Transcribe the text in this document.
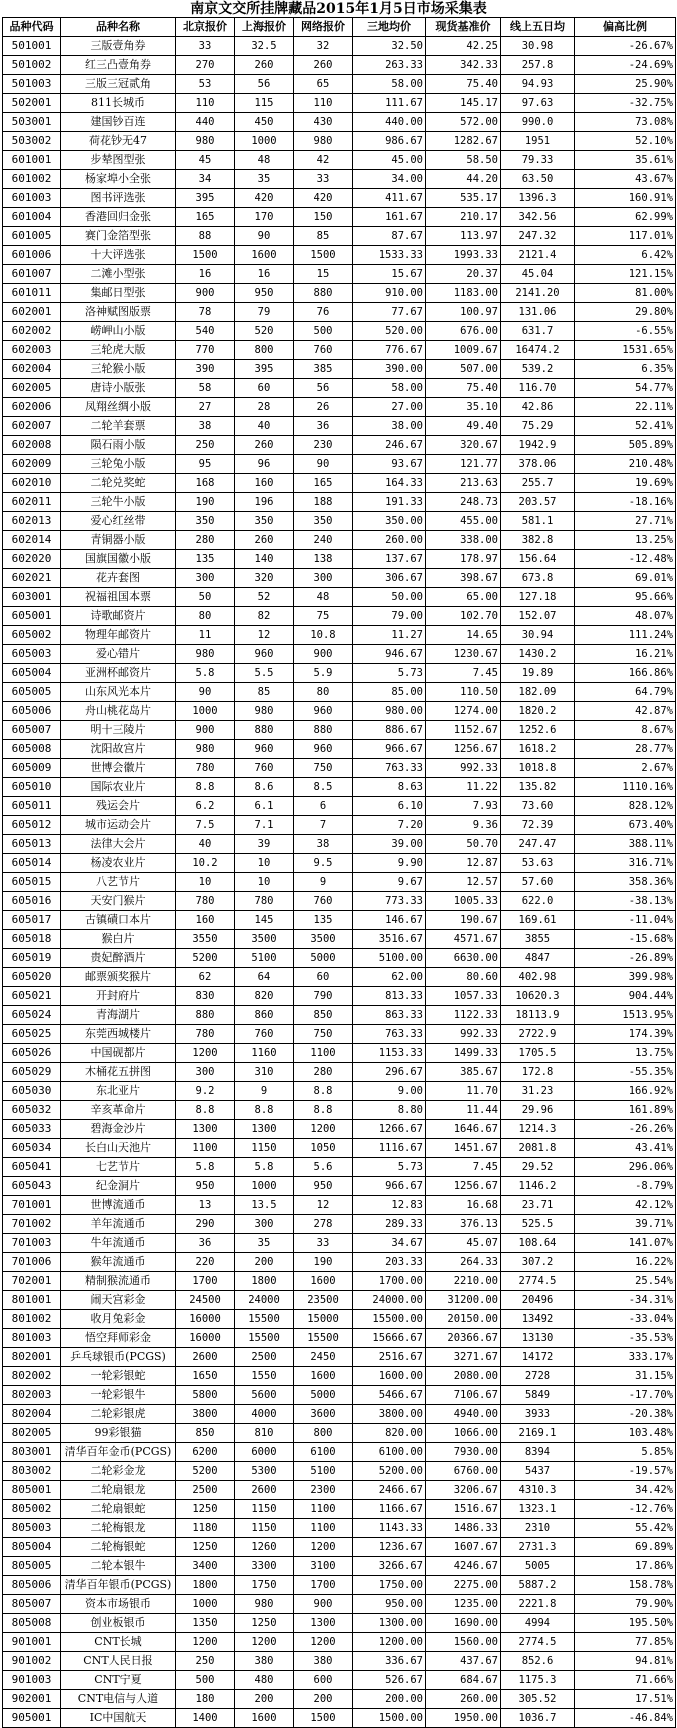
南京文交所挂牌藏品2015年1月5日市场采集表
品种代码	品种名称	北京报价	上海报价	网络报价	三地均价	现货基准价	线上五日均	偏高比例
501001	三版壹角券	33	32.5	32	32.50	42.25	30.98	-26.67%
501002	红三凸壹角券	270	260	260	263.33	342.33	257.8	-24.69%
501003	三版三冠贰角	53	56	65	58.00	75.40	94.93	25.90%
502001	811长城币	110	115	110	111.67	145.17	97.63	-32.75%
503001	建国钞百连	440	450	430	440.00	572.00	990.0	73.08%
503002	荷花钞无47	980	1000	980	986.67	1282.67	1951	52.10%
601001	步辇图型张	45	48	42	45.00	58.50	79.33	35.61%
601002	杨家埠小全张	34	35	33	34.00	44.20	63.50	43.67%
601003	图书评选张	395	420	420	411.67	535.17	1396.3	160.91%
601004	香港回归金张	165	170	150	161.67	210.17	342.56	62.99%
601005	赛门金箔型张	88	90	85	87.67	113.97	247.32	117.01%
601006	十大评选张	1500	1600	1500	1533.33	1993.33	2121.4	6.42%
601007	二滩小型张	16	16	15	15.67	20.37	45.04	121.15%
601011	集邮日型张	900	950	880	910.00	1183.00	2141.20	81.00%
602001	洛神赋图版票	78	79	76	77.67	100.97	131.06	29.80%
602002	崂岬山小版	540	520	500	520.00	676.00	631.7	-6.55%
602003	三轮虎大版	770	800	760	776.67	1009.67	16474.2	1531.65%
602004	三轮猴小版	390	395	385	390.00	507.00	539.2	6.35%
602005	唐诗小版张	58	60	56	58.00	75.40	116.70	54.77%
602006	凤翔丝绸小版	27	28	26	27.00	35.10	42.86	22.11%
602007	二轮羊套票	38	40	36	38.00	49.40	75.29	52.41%
602008	陨石雨小版	250	260	230	246.67	320.67	1942.9	505.89%
602009	三轮兔小版	95	96	90	93.67	121.77	378.06	210.48%
602010	二轮兑奖蛇	168	160	165	164.33	213.63	255.7	19.69%
602011	三轮牛小版	190	196	188	191.33	248.73	203.57	-18.16%
602013	爱心红丝带	350	350	350	350.00	455.00	581.1	27.71%
602014	青铜器小版	280	260	240	260.00	338.00	382.8	13.25%
602020	国旗国徽小版	135	140	138	137.67	178.97	156.64	-12.48%
602021	花卉套图	300	320	300	306.67	398.67	673.8	69.01%
603001	祝福祖国本票	50	52	48	50.00	65.00	127.18	95.66%
605001	诗歌邮资片	80	82	75	79.00	102.70	152.07	48.07%
605002	物理年邮资片	11	12	10.8	11.27	14.65	30.94	111.24%
605003	爱心错片	980	960	900	946.67	1230.67	1430.2	16.21%
605004	亚洲杯邮资片	5.8	5.5	5.9	5.73	7.45	19.89	166.86%
605005	山东风光本片	90	85	80	85.00	110.50	182.09	64.79%
605006	舟山桃花岛片	1000	980	960	980.00	1274.00	1820.2	42.87%
605007	明十三陵片	900	880	880	886.67	1152.67	1252.6	8.67%
605008	沈阳故宫片	980	960	960	966.67	1256.67	1618.2	28.77%
605009	世博会徽片	780	760	750	763.33	992.33	1018.8	2.67%
605010	国际农业片	8.8	8.6	8.5	8.63	11.22	135.82	1110.16%
605011	残运会片	6.2	6.1	6	6.10	7.93	73.60	828.12%
605012	城市运动会片	7.5	7.1	7	7.20	9.36	72.39	673.40%
605013	法律大会片	40	39	38	39.00	50.70	247.47	388.11%
605014	杨凌农业片	10.2	10	9.5	9.90	12.87	53.63	316.71%
605015	八艺节片	10	10	9	9.67	12.57	57.60	358.36%
605016	天安门猴片	780	780	760	773.33	1005.33	622.0	-38.13%
605017	古镇磧口本片	160	145	135	146.67	190.67	169.61	-11.04%
605018	猴白片	3550	3500	3500	3516.67	4571.67	3855	-15.68%
605019	贵妃醉酒片	5200	5100	5000	5100.00	6630.00	4847	-26.89%
605020	邮票颁奖猴片	62	64	60	62.00	80.60	402.98	399.98%
605021	开封府片	830	820	790	813.33	1057.33	10620.3	904.44%
605024	青海湖片	880	860	850	863.33	1122.33	18113.9	1513.95%
605025	东莞西城楼片	780	760	750	763.33	992.33	2722.9	174.39%
605026	中国砚都片	1200	1160	1100	1153.33	1499.33	1705.5	13.75%
605029	木桶花五拼图	300	310	280	296.67	385.67	172.8	-55.35%
605030	东北亚片	9.2	9	8.8	9.00	11.70	31.23	166.92%
605032	辛亥革命片	8.8	8.8	8.8	8.80	11.44	29.96	161.89%
605033	碧海金沙片	1300	1300	1200	1266.67	1646.67	1214.3	-26.26%
605034	长白山天池片	1100	1150	1050	1116.67	1451.67	2081.8	43.41%
605041	七艺节片	5.8	5.8	5.6	5.73	7.45	29.52	296.06%
605043	纪金洞片	950	1000	950	966.67	1256.67	1146.2	-8.79%
701001	世博流通币	13	13.5	12	12.83	16.68	23.71	42.12%
701002	羊年流通币	290	300	278	289.33	376.13	525.5	39.71%
701003	牛年流通币	36	35	33	34.67	45.07	108.64	141.07%
701006	猴年流通币	220	200	190	203.33	264.33	307.2	16.22%
702001	精制猴流通币	1700	1800	1600	1700.00	2210.00	2774.5	25.54%
801001	闹天宫彩金	24500	24000	23500	24000.00	31200.00	20496	-34.31%
801002	收月兔彩金	16000	15500	15000	15500.00	20150.00	13492	-33.04%
801003	悟空拜师彩金	16000	15500	15500	15666.67	20366.67	13130	-35.53%
802001	乒乓球银币(PCGS)	2600	2500	2450	2516.67	3271.67	14172	333.17%
802002	一轮彩银蛇	1650	1550	1600	1600.00	2080.00	2728	31.15%
802003	一轮彩银牛	5800	5600	5000	5466.67	7106.67	5849	-17.70%
802004	二轮彩银虎	3800	4000	3600	3800.00	4940.00	3933	-20.38%
802005	99彩银猫	850	810	800	820.00	1066.00	2169.1	103.48%
803001	清华百年金币(PCGS)	6200	6000	6100	6100.00	7930.00	8394	5.85%
803002	二轮彩金龙	5200	5300	5100	5200.00	6760.00	5437	-19.57%
805001	二轮扇银龙	2500	2600	2300	2466.67	3206.67	4310.3	34.42%
805002	二轮扇银蛇	1250	1150	1100	1166.67	1516.67	1323.1	-12.76%
805003	二轮梅银龙	1180	1150	1100	1143.33	1486.33	2310	55.42%
805004	二轮梅银蛇	1250	1260	1200	1236.67	1607.67	2731.3	69.89%
805005	二轮本银牛	3400	3300	3100	3266.67	4246.67	5005	17.86%
805006	清华百年银币(PCGS)	1800	1750	1700	1750.00	2275.00	5887.2	158.78%
805007	资本市场银币	1000	980	900	950.00	1235.00	2221.8	79.90%
805008	创业板银币	1350	1250	1300	1300.00	1690.00	4994	195.50%
901001	CNT长城	1200	1200	1200	1200.00	1560.00	2774.5	77.85%
901002	CNT人民日报	250	380	380	336.67	437.67	852.6	94.81%
901003	CNT宁夏	500	480	600	526.67	684.67	1175.3	71.66%
902001	CNT电信与人道	180	200	200	200.00	260.00	305.52	17.51%
905001	IC中国航天	1400	1600	1500	1500.00	1950.00	1036.7	-46.84%
